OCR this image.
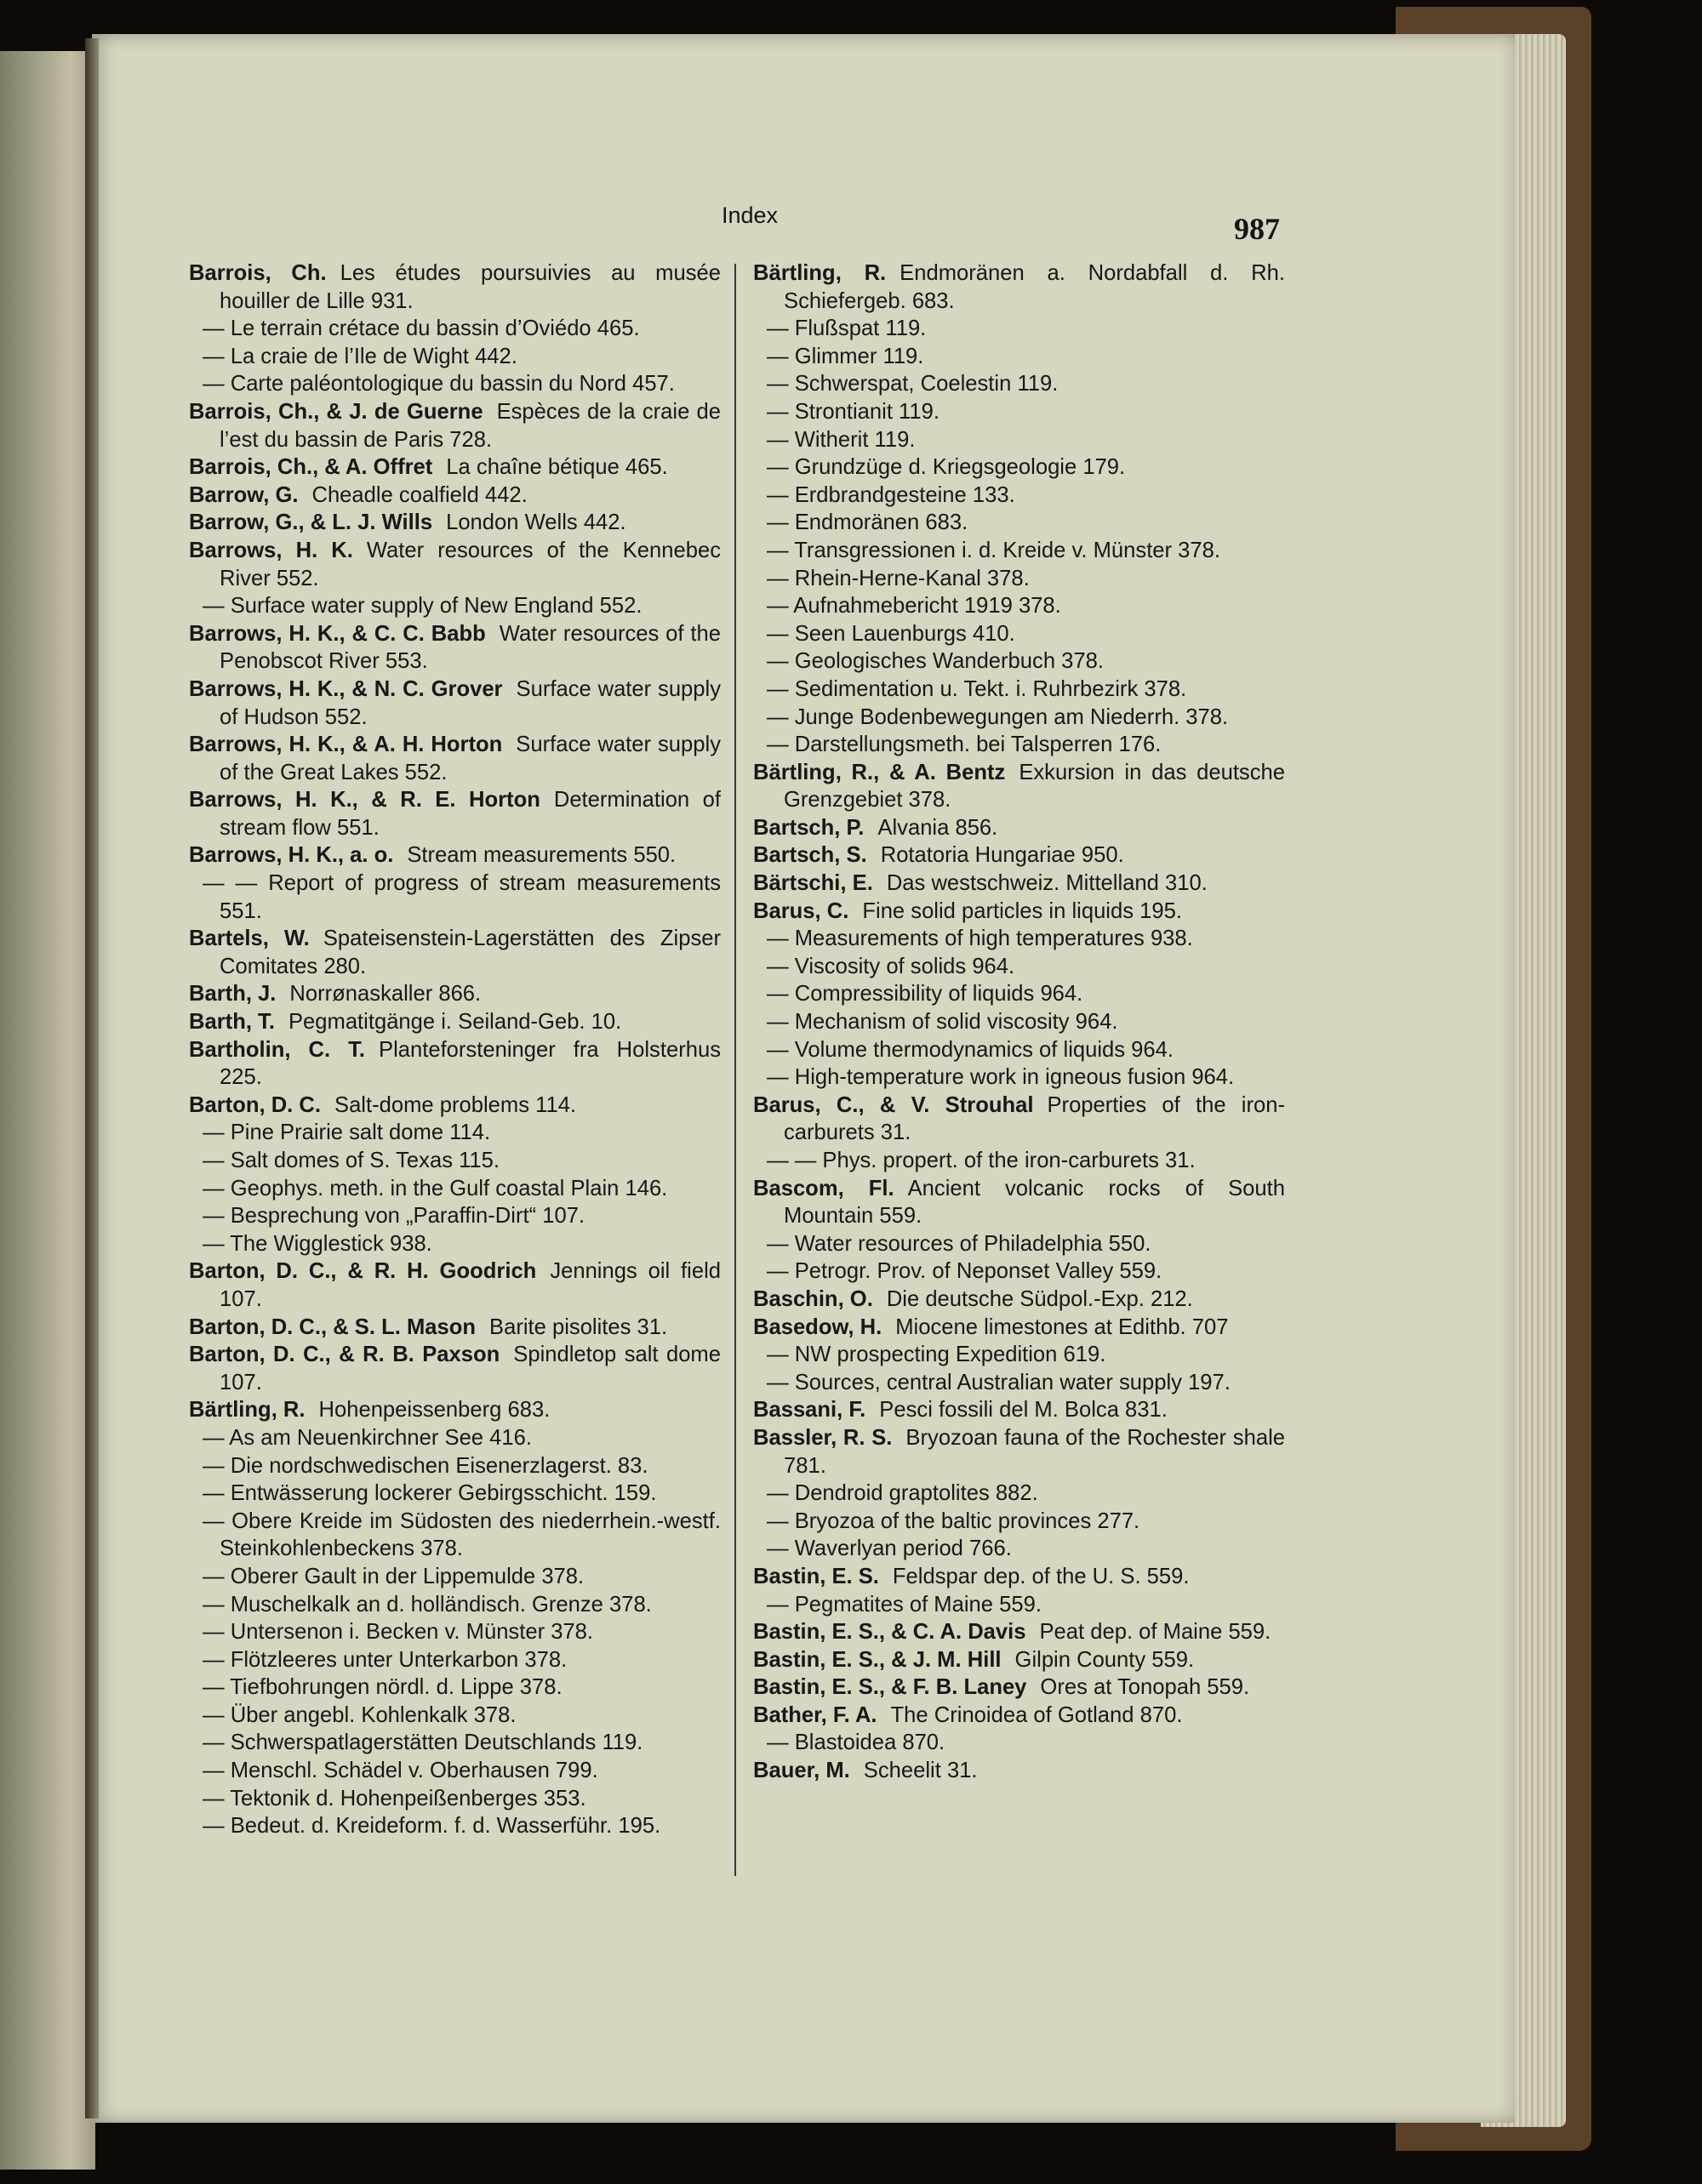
Index	987
Barrois, Ch. Les études poursuivies au musée houiller de Lille 931.
— Le terrain crétace du bassin d’Oviédo 465.
— La craie de l’Ile de Wight 442.
— Carte paléontologique du bassin du Nord 457.
Barrois, Ch., & J. de Guerne Espèces de la craie de l’est du bassin de Paris 728.
Barrois, Ch., & A. Offret La chaîne bétique 465.
Barrow, G. Cheadle coalfield 442.
Barrow, G., & L. J. Wills London Wells 442.
Barrows, H. K. Water resources of the Kennebec River 552.
— Surface water supply of New England 552.
Barrows, H. K., & C. C. Babb Water resources of the Penobscot River 553.
Barrows, H. K., & N. C. Grover Surface water supply of Hudson 552.
Barrows, H. K., & A. H. Horton Surface water supply of the Great Lakes 552.
Barrows, H. K., & R. E. Horton Determination of stream flow 551.
Barrows, H. K., a. o. Stream measurements 550.
— — Report of progress of stream measurements 551.
Bartels, W. Spateisenstein-Lagerstätten des Zipser Comitates 280.
Barth, J. Norrønaskaller 866.
Barth, T. Pegmatitgänge i. Seiland-Geb. 10.
Bartholin, C. T. Planteforsteninger fra Holsterhus 225.
Barton, D. C. Salt-dome problems 114.
— Pine Prairie salt dome 114.
— Salt domes of S. Texas 115.
— Geophys. meth. in the Gulf coastal Plain 146.
— Besprechung von „Paraffin-Dirt“ 107.
— The Wigglestick 938.
Barton, D. C., & R. H. Goodrich Jennings oil field 107.
Barton, D. C., & S. L. Mason Barite pisolites 31.
Barton, D. C., & R. B. Paxson Spindletop salt dome 107.
Bärtling, R. Hohenpeissenberg 683.
— As am Neuenkirchner See 416.
— Die nordschwedischen Eisenerzlagerst. 83.
— Entwässerung lockerer Gebirgsschicht. 159.
— Obere Kreide im Südosten des niederrhein.-westf. Steinkohlenbeckens 378.
— Oberer Gault in der Lippemulde 378.
— Muschelkalk an d. holländisch. Grenze 378.
— Untersenon i. Becken v. Münster 378.
— Flötzleeres unter Unterkarbon 378.
— Tiefbohrungen nördl. d. Lippe 378.
— Über angebl. Kohlenkalk 378.
— Schwerspatlagerstätten Deutschlands 119.
— Menschl. Schädel v. Oberhausen 799.
— Tektonik d. Hohenpeißenberges 353.
— Bedeut. d. Kreideform. f. d. Wasserführ. 195.
Bärtling, R. Endmoränen a. Nordabfall d. Rh. Schiefergeb. 683.
— Flußspat 119.
— Glimmer 119.
— Schwerspat, Coelestin 119.
— Strontianit 119.
— Witherit 119.
— Grundzüge d. Kriegsgeologie 179.
— Erdbrandgesteine 133.
— Endmoränen 683.
— Transgressionen i. d. Kreide v. Münster 378.
— Rhein-Herne-Kanal 378.
— Aufnahmebericht 1919 378.
— Seen Lauenburgs 410.
— Geologisches Wanderbuch 378.
— Sedimentation u. Tekt. i. Ruhrbezirk 378.
— Junge Bodenbewegungen am Niederrh. 378.
— Darstellungsmeth. bei Talsperren 176.
Bärtling, R., & A. Bentz Exkursion in das deutsche Grenzgebiet 378.
Bartsch, P. Alvania 856.
Bartsch, S. Rotatoria Hungariae 950.
Bärtschi, E. Das westschweiz. Mittelland 310.
Barus, C. Fine solid particles in liquids 195.
— Measurements of high temperatures 938.
— Viscosity of solids 964.
— Compressibility of liquids 964.
— Mechanism of solid viscosity 964.
— Volume thermodynamics of liquids 964.
— High-temperature work in igneous fusion 964.
Barus, C., & V. Strouhal Properties of the iron-carburets 31.
— — Phys. propert. of the iron-carburets 31.
Bascom, Fl. Ancient volcanic rocks of South Mountain 559.
— Water resources of Philadelphia 550.
— Petrogr. Prov. of Neponset Valley 559.
Baschin, O. Die deutsche Südpol.-Exp. 212.
Basedow, H. Miocene limestones at Edithb. 707
— NW prospecting Expedition 619.
— Sources, central Australian water supply 197.
Bassani, F. Pesci fossili del M. Bolca 831.
Bassler, R. S. Bryozoan fauna of the Rochester shale 781.
— Dendroid graptolites 882.
— Bryozoa of the baltic provinces 277.
— Waverlyan period 766.
Bastin, E. S. Feldspar dep. of the U. S. 559.
— Pegmatites of Maine 559.
Bastin, E. S., & C. A. Davis Peat dep. of Maine 559.
Bastin, E. S., & J. M. Hill Gilpin County 559.
Bastin, E. S., & F. B. Laney Ores at Tonopah 559.
Bather, F. A. The Crinoidea of Gotland 870.
— Blastoidea 870.
Bauer, M. Scheelit 31.
